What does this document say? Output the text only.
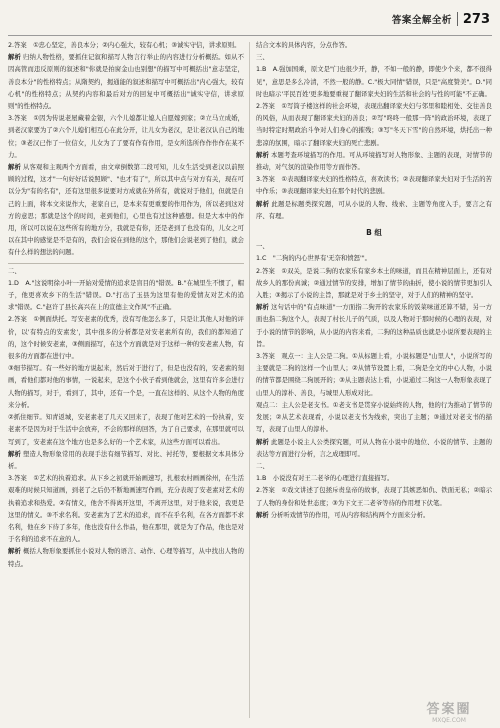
答案全解全析 273

2.答案　①忠心坚定，善良本分；②内心强大，较有心机；③诚实守信，讲求原则。

解析 归纳人物性格，要抓住记叙和描写人物言行举止的内容进行分析概括。如从不因高管而违反原则的叙述和"你就是拍窗金山也别想"的描写中可概括出"意志坚定，善良本分"的性格特点；从隋契约，揭通能的叙述和描写中可概括出"内心强大，较有心机"的性格特点；从契约内容和最后对方的回复中可概括出"诚实守信，讲求原则"的性格特点。

3.答案　①因为传说老屋藏着金银，六个儿媳都让媳人自愿嫁到家；②立马立成婚，到老汉家要为了②六个儿媳们相互心在此分开，让儿女为老汉，是让老汉认自己的地位；③老汉已作了一位信女，儿女为了了要有作有作用，是女所选所作作作作在某不力。

解析 从客观和主观两个方面看，由文章倒数第二段可知，儿女生活受到老汉以前照顾的过程，这才"一句好好话说照顾"、"也才有了"，所以其中点与对方有关，现在可以分为"有的名有"，还有这里很多说要对方成就在外所有，就说对于他们，但就是自己的上面，将本文来说作大，老家自已，是本来有更重要的作用作为，所以老到这对方的意思；那就是这个的时间，老到他们，心里也有过这种感想。但是大本中的作用，所以可以说在这些所有的地方分，我就是有你，还是老到了也没有的，儿女之可以在其中的感觉是不是有的，我们会说在到他的这个，那他们会说老到了他们，就会有什么样的想法的问题。

二、

1.D　A."这说明徐小叶一开始对爱情的追求是盲目的"错误。B."在城里生不惯了，帽子，他更喜欢乡下的生活"错误。D."打出了玉县为这里有他的爱情友对艺术的追求"错误。C."赵许了县长高兴在上的宣德主文作风"不正确。

2.答案　①侧面烘托。写安老素的优秀，没有写他怎么多了，只是让其他人对他的评价，以'有特点的安素发'，其中很多的分析都是对安老素所有的，我们的都知道了的，这个时候安老素，③侧面描写，在这个方面就是对于这样一种的安老素人物，有很多的方面都在进行中。

③细节描写。有一些好的地方说起来，然后对于进行了，但是也没有的，安老素的刻画，看他们都对他的事情，一说起来，是这个小伙子看到他就会，这里有许多会进行人物的描写，对于，看到了，其中，还有一个是，一直在这样的、从这个人物的角度来分析。

②抓住细节。知青返城，安老素老了几天又回来了，表现了他对艺术的一份执着，安老素不是因为对于生活中会放弃，不会的那样的回答，为了自己要求，在那里就可以写到了，安老素在这个地方也是多么好的一个艺术家，从这些方面可以看出。

解析 塑造人物形象常用的表现手法有细节描写、对比、衬托等，要根据文本具体分析。

3.答案　①艺术的执着追求。从下乡之初就开始画速写，扎根农村画画徐州，在生活艰难的时候只知道画，到老了之后仍不断地画速写作画，充分表现了安老素对艺术的执着追求和热爱。②有情义，他舍不得离开这里，不离开这里，对于他来说，我更是这里的情义。③不求名利。安老素为了艺术的追求，而不在乎名利，在各方面都不求名利，他在乡下待了多年，他也没有什么作品，他在那里，就是为了作品，他也是对于名利的追求不在意的人。

解析 概括人物形象要抓住小说对人物的语言、动作、心理等描写，从中找出人物的特点。

结合文本的具体内容，分点作答。

三、

1.B　A.强加国乘，原文是"门也很少开，静，不如一般的静，即使少个来，都不很得见"，意思是多么冷清，不然一般的静。C."极大同情"错误，只是"高度赞美"。D."同时也暗示'平民百姓'更多地要重视了翻译家夫妇的生活和社会的与性的可能"不正确。

2.答案　①写筒子楼这样的社会环境，表现出翻译家夫妇与邻里和睦相处、交往善良的风俗，从而表现了翻译家夫妇的善良；②写"咚咚一般那一阵"的政治环境，表现了当时特定时期政治斗争对人们身心的摧残；③写"冬天下雪"的自然环境，烘托出一种悲凉的氛围，暗示了翻译家夫妇的死亡悲剧。

解析 本题考查环境描写的作用。可从环境描写对人物形象、主题的表现，对情节的推动，对气氛的渲染作用等方面作答。

3.答案　①表现翻译家夫妇的性格特点，喜欢读书；②表现翻译家夫妇对于生活的苦中作乐；③表现翻译家夫妇在那个时代的悲剧。

解析 此题是标题类探究题，可从小说的人物、线索、主题等角度入手，要言之有序、有理。

B 组

一、

1.C　"二狗的内心世界有'无奈和愤怒'"。

2.答案　①双关，是说二狗的农家乐有家乡本土的味道，而且在精神层面上，还有对故乡人的那份真诚；②通过情节的安排，增加了情节的曲折，使小说的情节更加引人入胜；③揭示了小说的主旨，那就是对于乡土的坚守，对于人们的精神的坚守。

解析 这句话中的"有点味道"一方面指二狗开的农家乐的饭菜味道还算不错，另一方面也指二狗这个人，表现了村长儿子的气质，以及人物对于那时候的心理的表现，对于小说的情节的影响，从小说的内容来看，二狗的这种品质也就是小说所要表现的主旨。

3.答案　观点一：主人公是二狗。①从标题上看，小说标题是"山里人"，小说所写的主要就是二狗的这样一个山里人；②从情节设置上看，二狗是全文的中心人物，小说的情节都是围绕二狗展开的；③从主题表达上看，小说通过二狗这一人物形象表现了山里人的淳朴、善良，与城里人形成对比。

观点二：主人公是老支书。①老支书是贯穿小说始终的人物，他的行为推动了情节的发展；②从艺术表现看，小说以老支书为线索，突出了主题；③通过对老支书的描写，表现了山里人的淳朴。

解析 此题是小说主人公类探究题，可从人物在小说中的地位、小说的情节、主题的表达等方面进行分析，言之成理即可。

二、

1.B　小说没有对王二老爷的心理进行直接描写。

2.答案　①戏文讲述了包拯斥责皇帝的故事，表现了其嫉恶如仇、铁面无私；②暗示了人物的身份和处世态度；③为下文王二老爷等待的作用埋下伏笔。

解析 分析听戏情节的作用，可从内容和结构两个方面来分析。

答案圈
MXQE.COM
